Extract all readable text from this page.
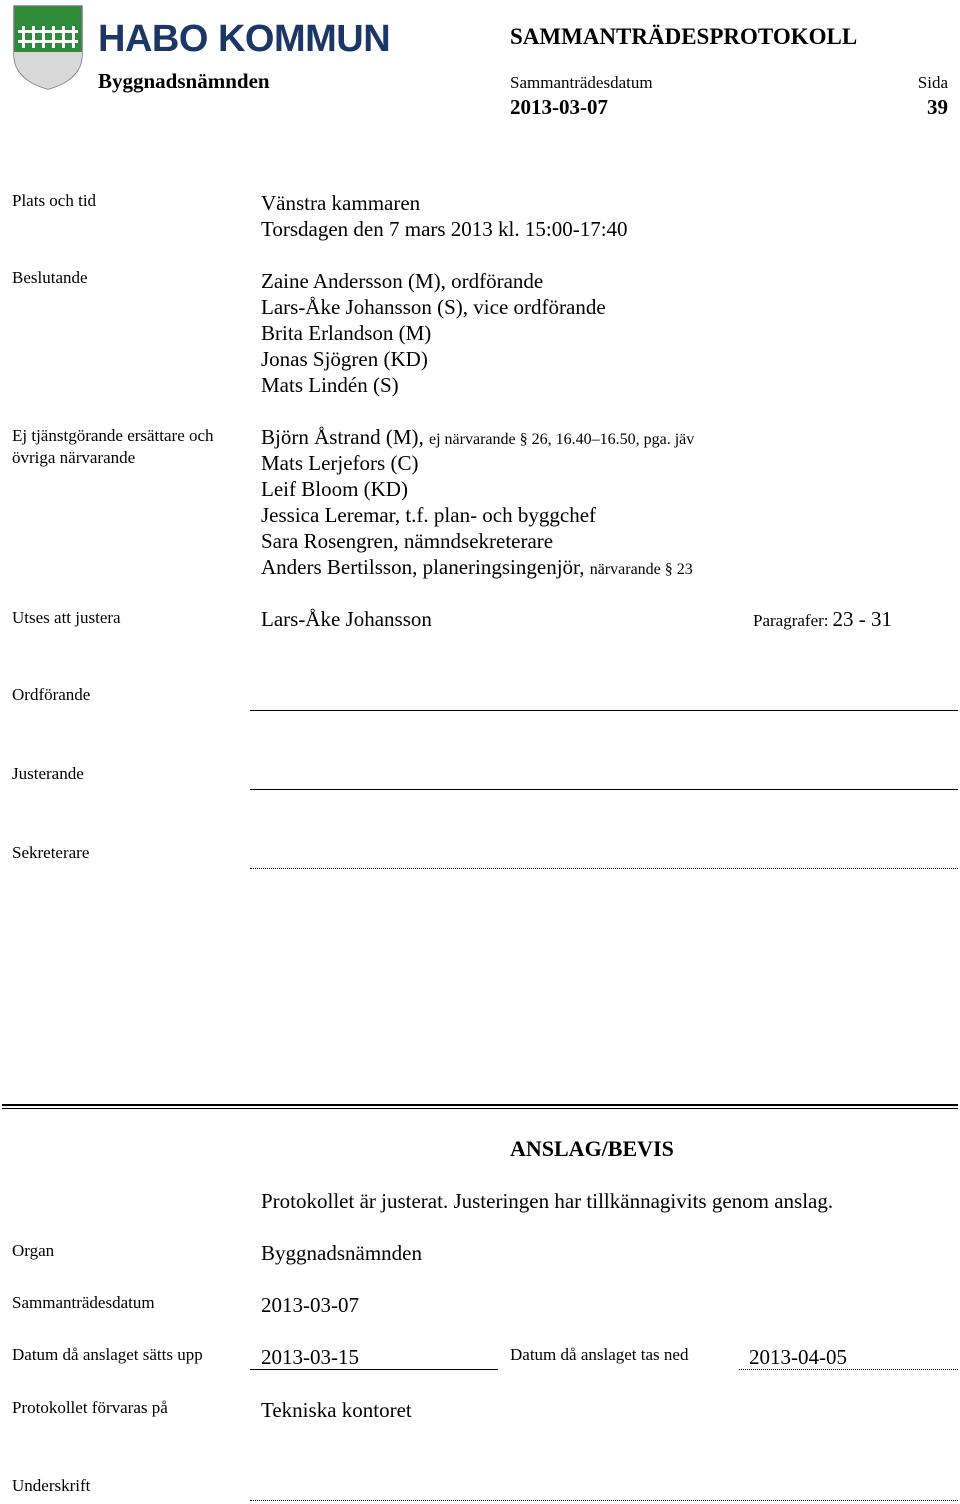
HABO KOMMUN
Byggnadsnämnden
SAMMANTRÄDESPROTOKOLL
Sammanträdesdatum
2013-03-07
Sida
39
Plats och tid	Vänstra kammaren
Torsdagen den 7 mars 2013 kl. 15:00-17:40
Beslutande	Zaine Andersson (M), ordförande
Lars-Åke Johansson (S), vice ordförande
Brita Erlandson (M)
Jonas Sjögren (KD)
Mats Lindén (S)
Ej tjänstgörande ersättare och
övriga närvarande
Björn Åstrand (M), ej närvarande § 26, 16.40–16.50, pga. jäv
Mats Lerjefors (C)
Leif Bloom (KD)
Jessica Leremar, t.f. plan- och byggchef
Sara Rosengren, nämndsekreterare
Anders Bertilsson, planeringsingenjör, närvarande § 23
Utses att justera	Lars-Åke Johansson	Paragrafer: 23 - 31
Ordförande
Justerande
Sekreterare
ANSLAG/BEVIS
Protokollet är justerat. Justeringen har tillkännagivits genom anslag.
Organ	Byggnadsnämnden
Sammanträdesdatum	2013-03-07
Datum då anslaget sätts upp	2013-03-15	Datum då anslaget tas ned	2013-04-05
Protokollet förvaras på	Tekniska kontoret
Underskrift
